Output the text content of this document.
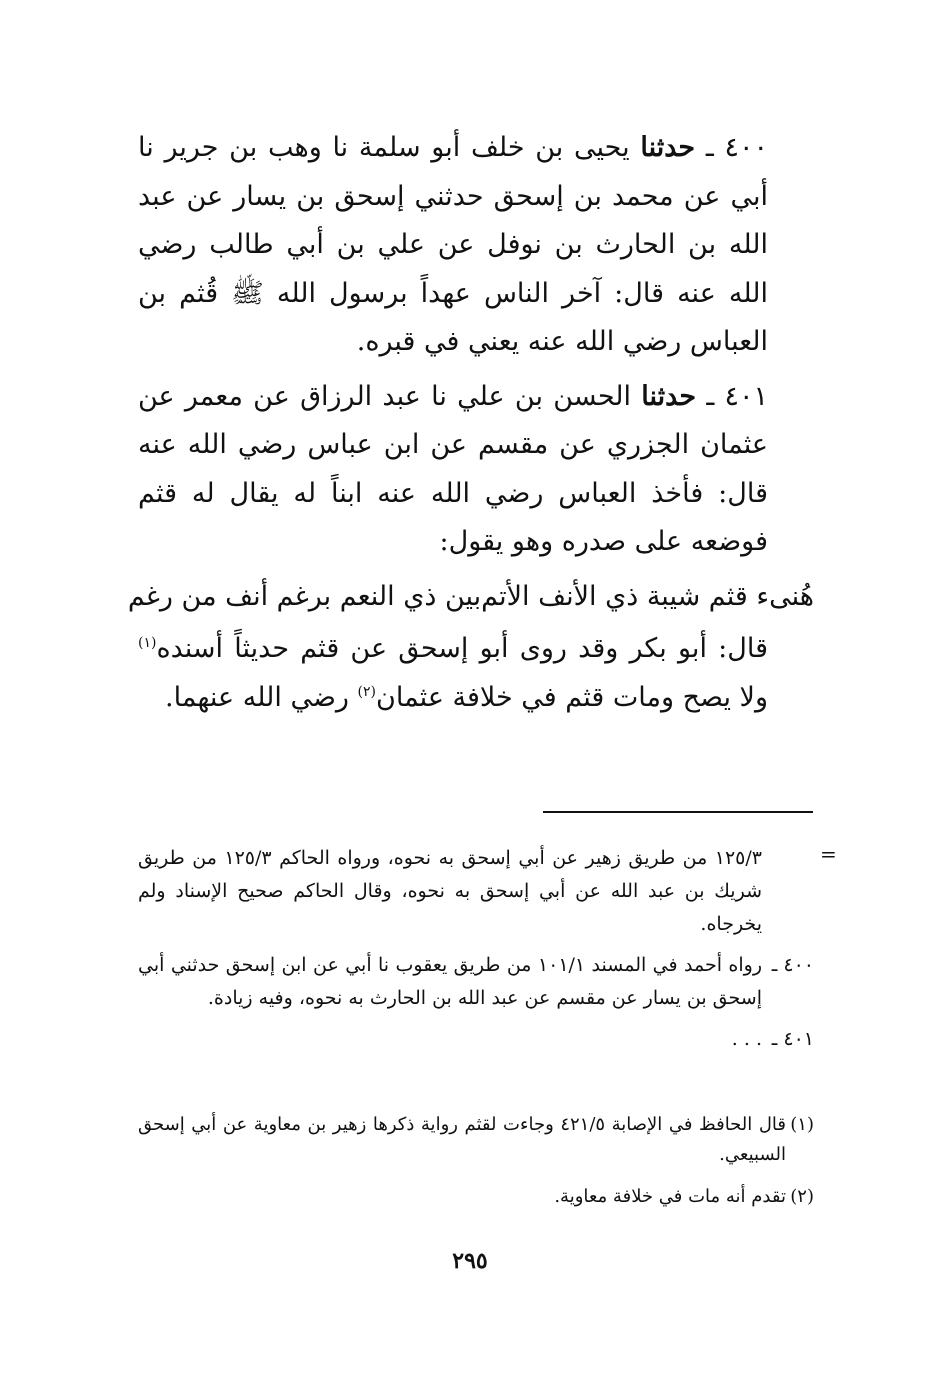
٤٠٠ ـ حدثنا يحيى بن خلف أبو سلمة نا وهب بن جرير نا أبي عن محمد بن إسحق حدثني إسحق بن يسار عن عبد الله بن الحارث بن نوفل عن علي بن أبي طالب رضي الله عنه قال: آخر الناس عهداً برسول الله ﷺ قُثم بن العباس رضي الله عنه يعني في قبره.

٤٠١ ـ حدثنا الحسن بن علي نا عبد الرزاق عن معمر عن عثمان الجزري عن مقسم عن ابن عباس رضي الله عنه قال: فأخذ العباس رضي الله عنه ابناً له يقال له قثم فوضعه على صدره وهو يقول:

هُنىء قثم شيبة ذي الأنف الأتم
بين ذي النعم برغم أنف من رغم

قال: أبو بكر وقد روى أبو إسحق عن قثم حديثاً أسنده$^{(١)}$ ولا يصح ومات قثم في خلافة عثمان$^{(٢)}$ رضي الله عنهما.

=
١٢٥/٣ من طريق زهير عن أبي إسحق به نحوه، ورواه الحاكم ١٢٥/٣ من طريق شريك بن عبد الله عن أبي إسحق به نحوه، وقال الحاكم صحيح الإسناد ولم يخرجاه.
٤٠٠ ـ
رواه أحمد في المسند ١٠١/١ من طريق يعقوب نا أبي عن ابن إسحق حدثني أبي إسحق بن يسار عن مقسم عن عبد الله بن الحارث به نحوه، وفيه زيادة.
٤٠١ ـ
. . .
(١)
قال الحافظ في الإصابة ٤٢١/٥ وجاءت لقثم رواية ذكرها زهير بن معاوية عن أبي إسحق السبيعي.
(٢)
تقدم أنه مات في خلافة معاوية.
٢٩٥
